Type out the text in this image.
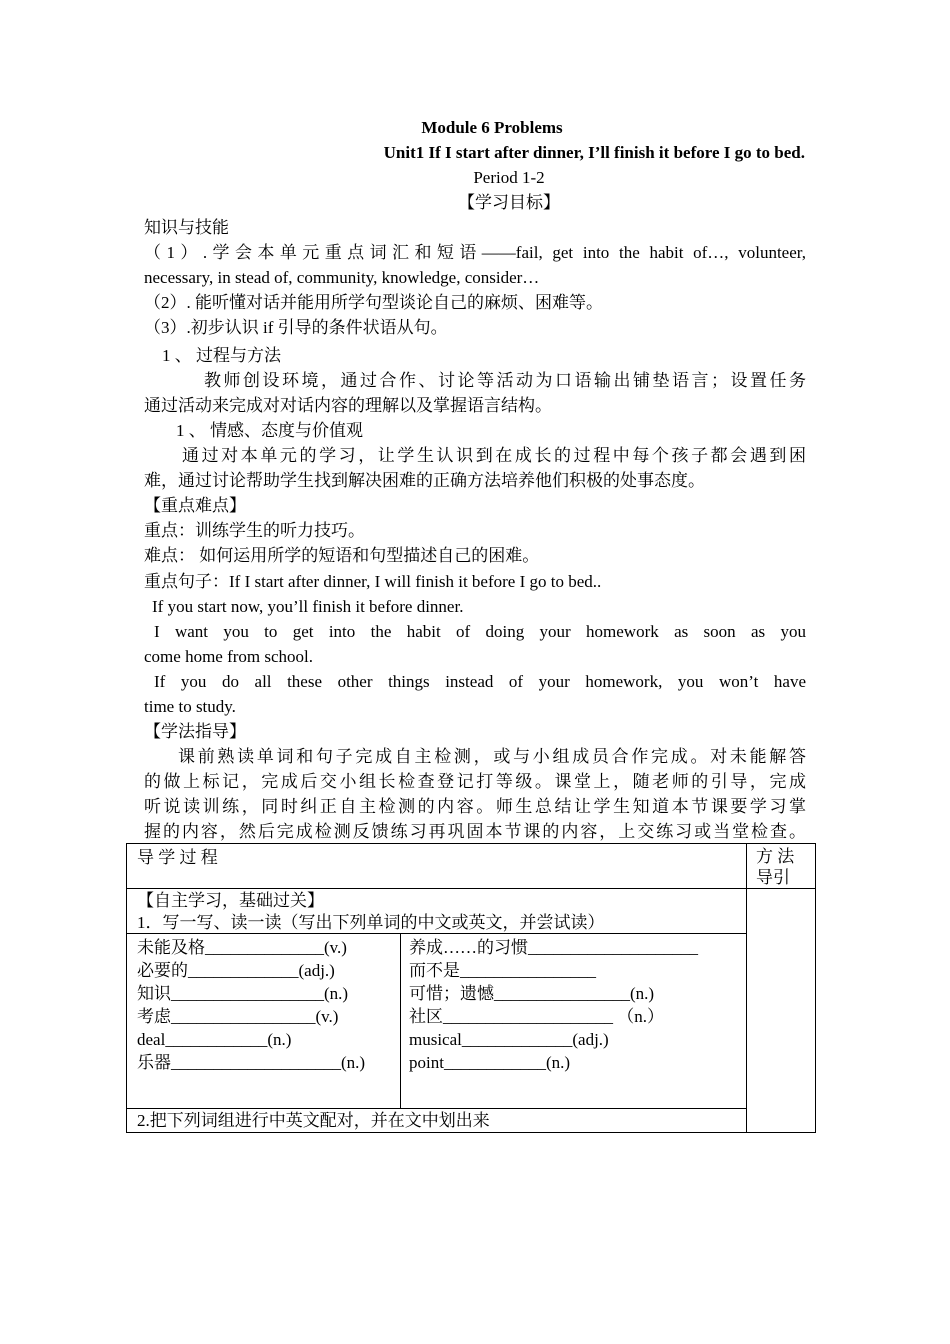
Module 6 Problems
Unit1 If I start after dinner, I’ll finish it before I go to bed.
Period 1-2
【学习目标】
知识与技能
（1）.学会本单元重点词汇和短语——fail, get into the habit of…, volunteer,
necessary, in stead of, community, knowledge, consider…
（2）. 能听懂对话并能用所学句型谈论自己的麻烦、困难等。
（3）.初步认识 if 引导的条件状语从句。
1 、 过程与方法
教师创设环境，通过合作、讨论等活动为口语输出铺垫语言；设置任务
通过活动来完成对对话内容的理解以及掌握语言结构。
1 、 情感、态度与价值观
通过对本单元的学习，让学生认识到在成长的过程中每个孩子都会遇到困
难，通过讨论帮助学生找到解决困难的正确方法培养他们积极的处事态度。
【重点难点】
重点：训练学生的听力技巧。
难点： 如何运用所学的短语和句型描述自己的困难。
重点句子：If I start after dinner, I will finish it before I go to bed..
If you start now, you’ll finish it before dinner.
I want you to get into the habit of doing your homework as soon as you
come home from school.
If you do all these other things instead of your homework, you won’t have
time to study.
【学法指导】
课前熟读单词和句子完成自主检测，或与小组成员合作完成。对未能解答
的做上标记，完成后交小组长检查登记打等级。课堂上，随老师的引导，完成
听说读训练，同时纠正自主检测的内容。师生总结让学生知道本节课要学习掌
握的内容，然后完成检测反馈练习再巩固本节课的内容，上交练习或当堂检查。
导 学 过 程	方 法
导引
【自主学习，基础过关】
1．写一写、读一读（写出下列单词的中文或英文，并尝试读）
未能及格______________(v.)
必要的_____________(adj.)
知识__________________(n.)
考虑_________________(v.)
deal____________(n.)
乐器____________________(n.)
养成……的习惯____________________
而不是________________
可惜；遗憾________________(n.)
社区____________________ （n.）
musical_____________(adj.)
point____________(n.)
2.把下列词组进行中英文配对，并在文中划出来
